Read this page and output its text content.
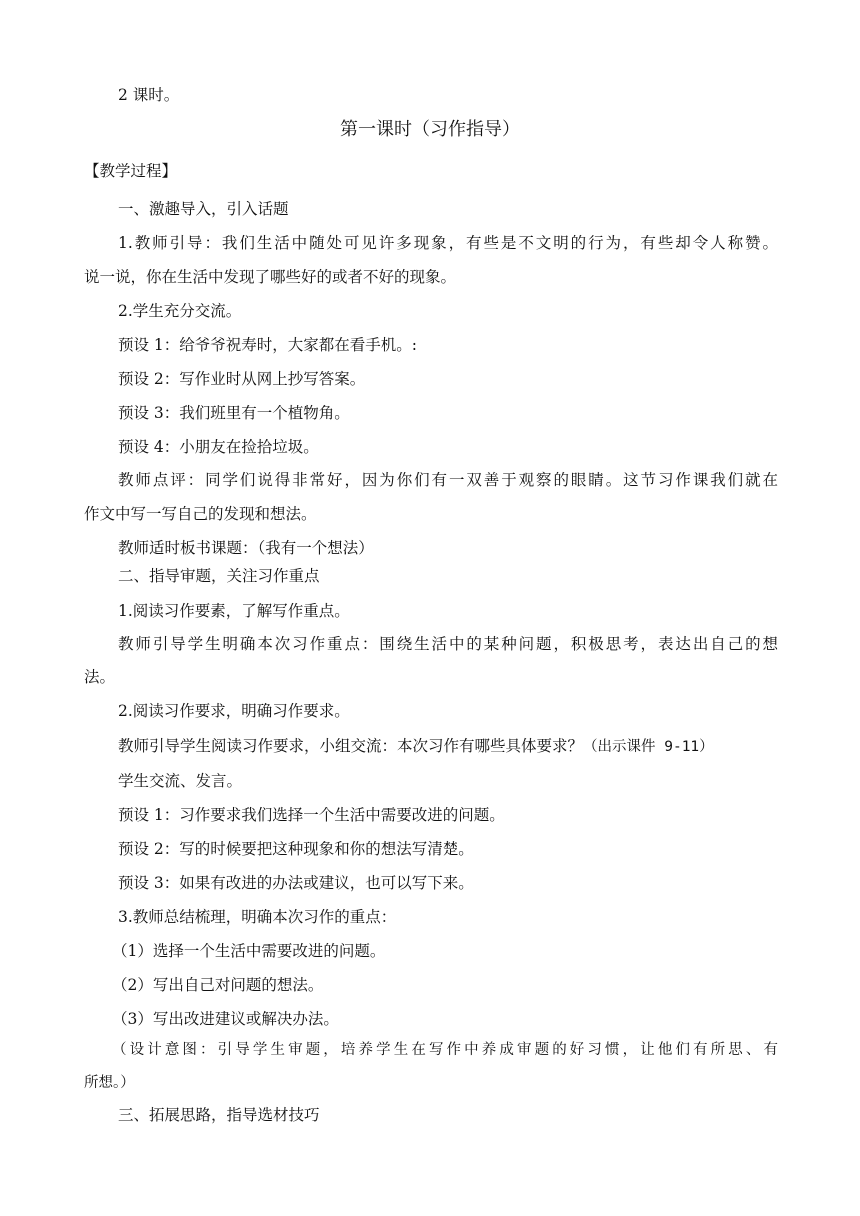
2 课时。
第一课时（习作指导）
【教学过程】
一、激趣导入，引入话题
1.教师引导：我们生活中随处可见许多现象，有些是不文明的行为，有些却令人称赞。
说一说，你在生活中发现了哪些好的或者不好的现象。
2.学生充分交流。
预设 1：给爷爷祝寿时，大家都在看手机。:
预设 2：写作业时从网上抄写答案。
预设 3：我们班里有一个植物角。
预设 4：小朋友在捡拾垃圾。
教师点评：同学们说得非常好，因为你们有一双善于观察的眼睛。这节习作课我们就在
作文中写一写自己的发现和想法。
教师适时板书课题：（我有一个想法）
二、指导审题，关注习作重点
1.阅读习作要素，了解写作重点。
教师引导学生明确本次习作重点：围绕生活中的某种问题，积极思考，表达出自己的想
法。
2.阅读习作要求，明确习作要求。
教师引导学生阅读习作要求，小组交流：本次习作有哪些具体要求？（出示课件 9-11）
学生交流、发言。
预设 1：习作要求我们选择一个生活中需要改进的问题。
预设 2：写的时候要把这种现象和你的想法写清楚。
预设 3：如果有改进的办法或建议，也可以写下来。
3.教师总结梳理，明确本次习作的重点：
（1）选择一个生活中需要改进的问题。
（2）写出自己对问题的想法。
（3）写出改进建议或解决办法。
（设计意图：引导学生审题，培养学生在写作中养成审题的好习惯，让他们有所思、有
所想。）
三、拓展思路，指导选材技巧
